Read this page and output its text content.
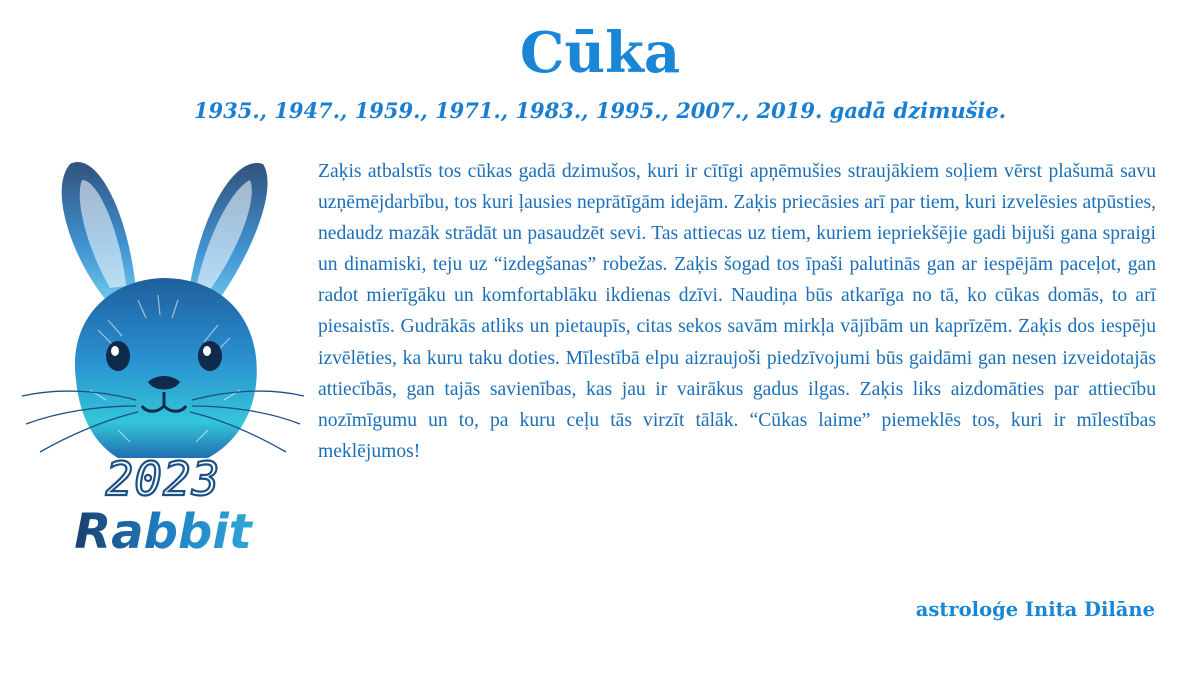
Cūka
1935., 1947., 1959., 1971., 1983., 1995., 2007., 2019. gadā dzimušie.
2023
Rabbit

Zaķis atbalstīs tos cūkas gadā dzimušos, kuri ir cītīgi apņēmušies straujākiem soļiem vērst plašumā savu uzņēmējdarbību, tos kuri ļausies neprātīgām idejām. Zaķis priecāsies arī par tiem, kuri izvelēsies atpūsties, nedaudz mazāk strādāt un pasaudzēt sevi. Tas attiecas uz tiem, kuriem iepriekšējie gadi bijuši gana spraigi un dinamiski, teju uz “izdegšanas” robežas. Zaķis šogad tos īpaši palutinās gan ar iespējām paceļot, gan radot mierīgāku un komfortablāku ikdienas dzīvi. Naudiņa būs atkarīga no tā, ko cūkas domās, to arī piesaistīs. Gudrākās atliks un pietaupīs, citas sekos savām mirkļa vājībām un kaprīzēm. Zaķis dos iespēju izvēlēties, ka kuru taku doties. Mīlestībā elpu aizraujoši piedzīvojumi būs gaidāmi gan nesen izveidotajās attiecībās, gan tajās savienības, kas jau ir vairākus gadus ilgas. Zaķis liks aizdomāties par attiecību nozīmīgumu un to, pa kuru ceļu tās virzīt tālāk. “Cūkas laime” piemeklēs tos, kuri ir mīlestības meklējumos!

astroloģe Inita Dilāne
